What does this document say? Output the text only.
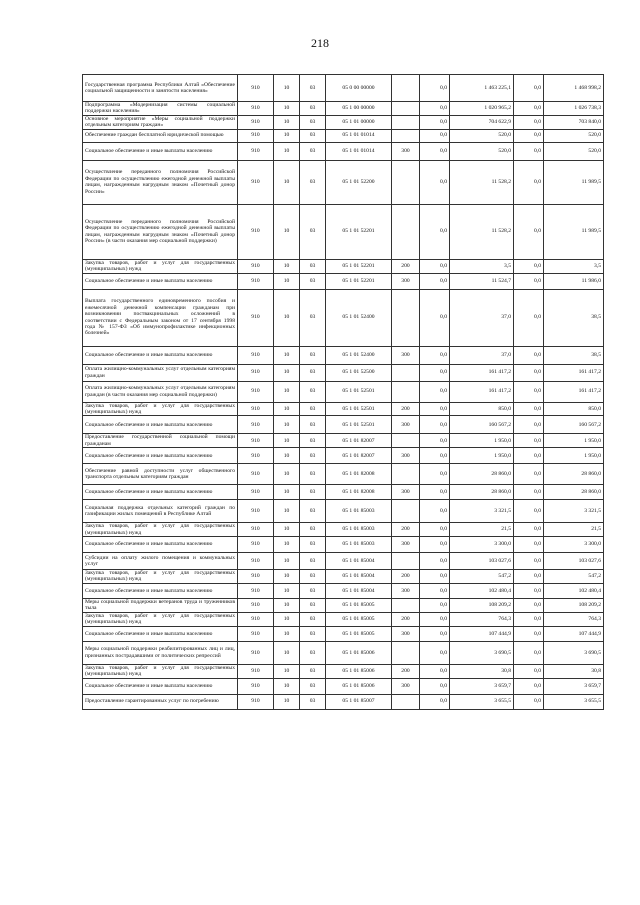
218
Государственная программа Республики Алтай «Обеспечение социальной защищенности и занятости населения»	910	10	03	05 0 00 00000		0,0	1 463 225,1	0,0	1 468 998,2
Подпрограмма «Модернизация системы социальной поддержки населения»	910	10	03	05 1 00 00000		0,0	1 020 965,2	0,0	1 026 738,3
Основное мероприятие «Меры социальной поддержки отдельным категориям граждан»	910	10	03	05 1 01 00000		0,0	704 622,9	0,0	703 840,0
Обеспечение граждан бесплатной юридической помощью	910	10	03	05 1 01 01014		0,0	520,0	0,0	520,0
Социальное обеспечение и иные выплаты населению	910	10	03	05 1 01 01014	300	0,0	520,0	0,0	520,0
Осуществление переданного полномочия Российской Федерации по осуществлению ежегодной денежной выплаты лицам, награжденным нагрудным знаком «Почетный донор России»	910	10	03	05 1 01 52200		0,0	11 528,2	0,0	11 989,5
Осуществление переданного полномочия Российской Федерации по осуществлению ежегодной денежной выплаты лицам, награжденным нагрудным знаком «Почетный донор России» (в части оказания мер социальной поддержки)	910	10	03	05 1 01 52201		0,0	11 528,2	0,0	11 989,5
Закупка товаров, работ и услуг для государственных (муниципальных) нужд	910	10	03	05 1 01 52201	200	0,0	3,5	0,0	3,5
Социальное обеспечение и иные выплаты населению	910	10	03	05 1 01 52201	300	0,0	11 524,7	0,0	11 986,0
Выплата государственного единовременного пособия и ежемесячной денежной компенсации гражданам при возникновении поствакцинальных осложнений в соответствии с Федеральным законом от 17 сентября 1998 года № 157-ФЗ «Об иммунопрофилактике инфекционных болезней»	910	10	03	05 1 01 52400		0,0	37,0	0,0	38,5
Социальное обеспечение и иные выплаты населению	910	10	03	05 1 01 52400	300	0,0	37,0	0,0	38,5
Оплата жилищно-коммунальных услуг отдельным категориям граждан	910	10	03	05 1 01 52500		0,0	161 417,2	0,0	161 417,2
Оплата жилищно-коммунальных услуг отдельным категориям граждан (в части оказания мер социальной поддержки)	910	10	03	05 1 01 52501		0,0	161 417,2	0,0	161 417,2
Закупка товаров, работ и услуг для государственных (муниципальных) нужд	910	10	03	05 1 01 52501	200	0,0	850,0	0,0	850,0
Социальное обеспечение и иные выплаты населению	910	10	03	05 1 01 52501	300	0,0	160 567,2	0,0	160 567,2
Предоставление государственной социальной помощи гражданам	910	10	03	05 1 01 82007		0,0	1 950,0	0,0	1 950,0
Социальное обеспечение и иные выплаты населению	910	10	03	05 1 01 82007	300	0,0	1 950,0	0,0	1 950,0
Обеспечение равной доступности услуг общественного транспорта отдельным категориям граждан	910	10	03	05 1 01 82008		0,0	28 860,0	0,0	28 860,0
Социальное обеспечение и иные выплаты населению	910	10	03	05 1 01 82008	300	0,0	28 860,0	0,0	28 860,0
Социальная поддержка отдельных категорий граждан по газификации жилых помещений в Республике Алтай	910	10	03	05 1 01 85003		0,0	3 321,5	0,0	3 321,5
Закупка товаров, работ и услуг для государственных (муниципальных) нужд	910	10	03	05 1 01 85003	200	0,0	21,5	0,0	21,5
Социальное обеспечение и иные выплаты населению	910	10	03	05 1 01 85003	300	0,0	3 300,0	0,0	3 300,0
Субсидии на оплату жилого помещения и коммунальных услуг	910	10	03	05 1 01 85004		0,0	103 027,6	0,0	103 027,6
Закупка товаров, работ и услуг для государственных (муниципальных) нужд	910	10	03	05 1 01 85004	200	0,0	547,2	0,0	547,2
Социальное обеспечение и иные выплаты населению	910	10	03	05 1 01 85004	300	0,0	102 480,4	0,0	102 480,4
Меры социальной поддержки ветеранов труда и труженников тыла	910	10	03	05 1 01 85005		0,0	108 209,2	0,0	108 209,2
Закупка товаров, работ и услуг для государственных (муниципальных) нужд	910	10	03	05 1 01 85005	200	0,0	764,3	0,0	764,3
Социальное обеспечение и иные выплаты населению	910	10	03	05 1 01 85005	300	0,0	107 444,9	0,0	107 444,9
Меры социальной поддержки реабилитированных лиц и лиц, признанных пострадавшими от политических репрессий	910	10	03	05 1 01 85006		0,0	3 690,5	0,0	3 690,5
Закупка товаров, работ и услуг для государственных (муниципальных) нужд	910	10	03	05 1 01 85006	200	0,0	30,8	0,0	30,8
Социальное обеспечение и иные выплаты населению	910	10	03	05 1 01 85006	300	0,0	3 659,7	0,0	3 659,7
Предоставление гарантированных услуг по погребению	910	10	03	05 1 01 85007		0,0	3 655,5	0,0	3 655,5
